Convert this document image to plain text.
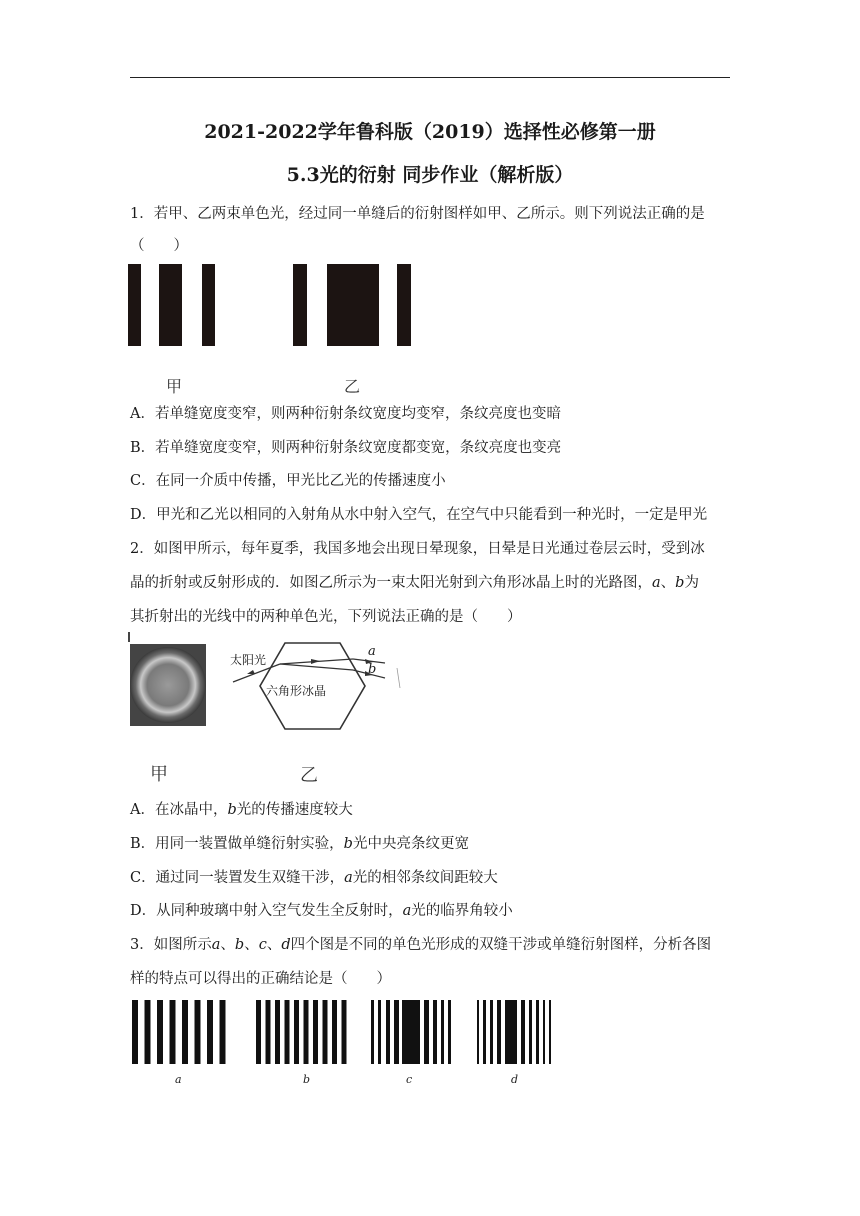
2021-2022学年鲁科版（2019）选择性必修第一册
5.3光的衍射 同步作业（解析版）
1．若甲、乙两束单色光，经过同一单缝后的衍射图样如甲、乙所示。则下列说法正确的是
（　　）
甲	乙
A．若单缝宽度变窄，则两种衍射条纹宽度均变窄，条纹亮度也变暗
B．若单缝宽度变窄，则两种衍射条纹宽度都变宽，条纹亮度也变亮
C．在同一介质中传播，甲光比乙光的传播速度小
D．甲光和乙光以相同的入射角从水中射入空气，在空气中只能看到一种光时，一定是甲光
2．如图甲所示，每年夏季，我国多地会出现日晕现象，日晕是日光通过卷层云时，受到冰
晶的折射或反射形成的．如图乙所示为一束太阳光射到六角形冰晶上时的光路图，a、b为
其折射出的光线中的两种单色光，下列说法正确的是（　　）
太阳光
六角形冰晶
a
b
甲	乙
A．在冰晶中，b光的传播速度较大
B．用同一装置做单缝衍射实验，b光中央亮条纹更宽
C．通过同一装置发生双缝干涉，a光的相邻条纹间距较大
D．从同种玻璃中射入空气发生全反射时，a光的临界角较小
3．如图所示a、b、c、d四个图是不同的单色光形成的双缝干涉或单缝衍射图样，分析各图
样的特点可以得出的正确结论是（　　）
a	b	c	d
